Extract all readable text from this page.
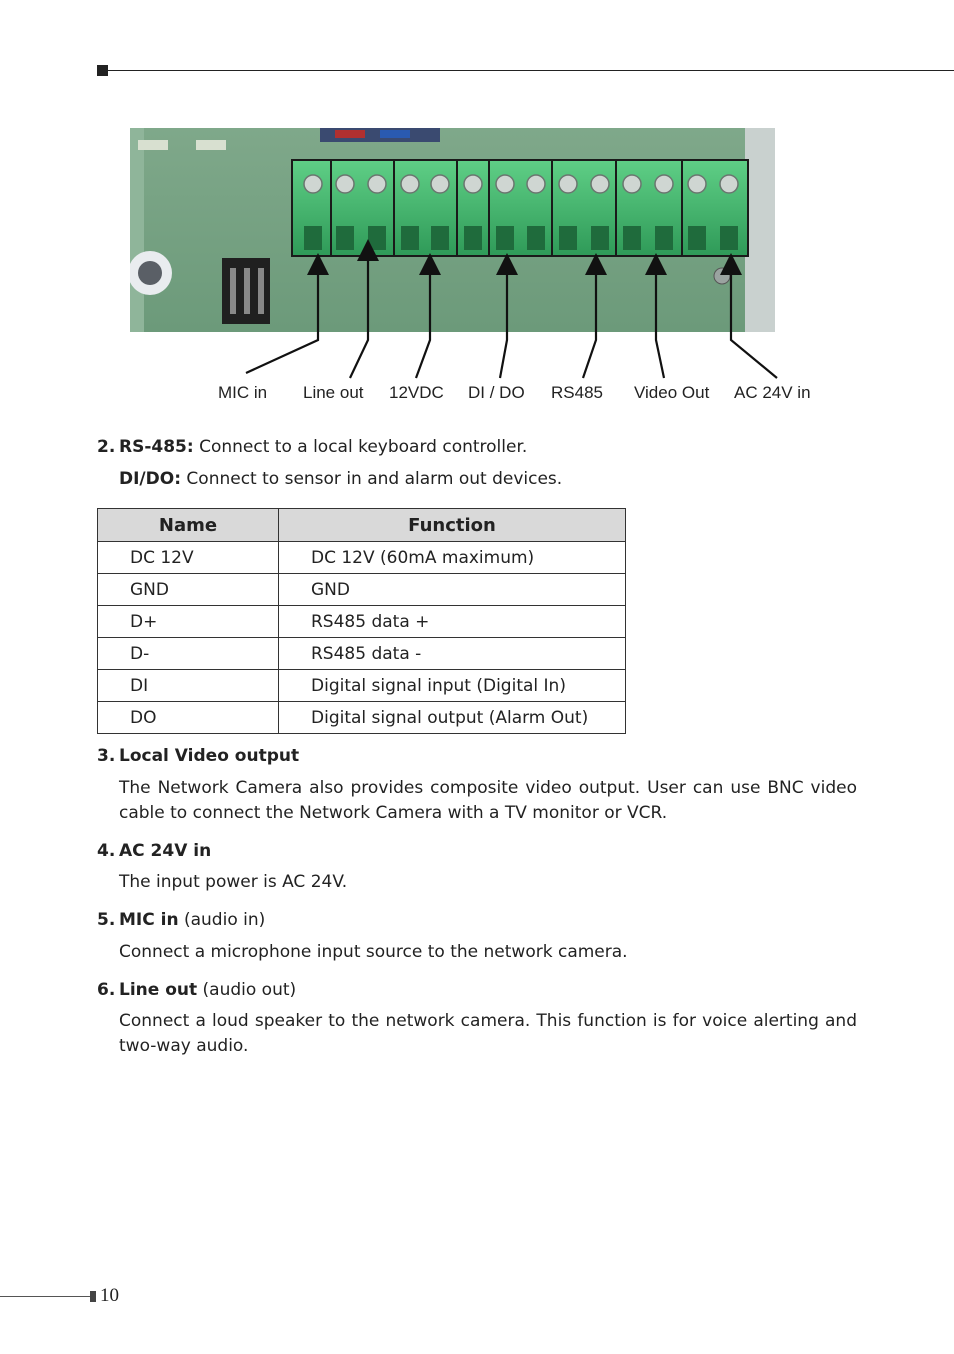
MIC in Line out 12VDC DI / DO RS485 Video Out AC 24V in
2. RS-485: Connect to a local keyboard controller.
DI/DO: Connect to sensor in and alarm out devices.
Name	Function
DC 12V	DC 12V (60mA maximum)
GND	GND
D+	RS485 data +
D-	RS485 data -
DI	Digital signal input (Digital In)
DO	Digital signal output (Alarm Out)
3. Local Video output
The Network Camera also provides composite video output. User can use BNC video cable to connect the Network Camera with a TV monitor or VCR.
4. AC 24V in
The input power is AC 24V.
5. MIC in (audio in)
Connect a microphone input source to the network camera.
6. Line out (audio out)
Connect a loud speaker to the network camera. This function is for voice alerting and two-way audio.
10
